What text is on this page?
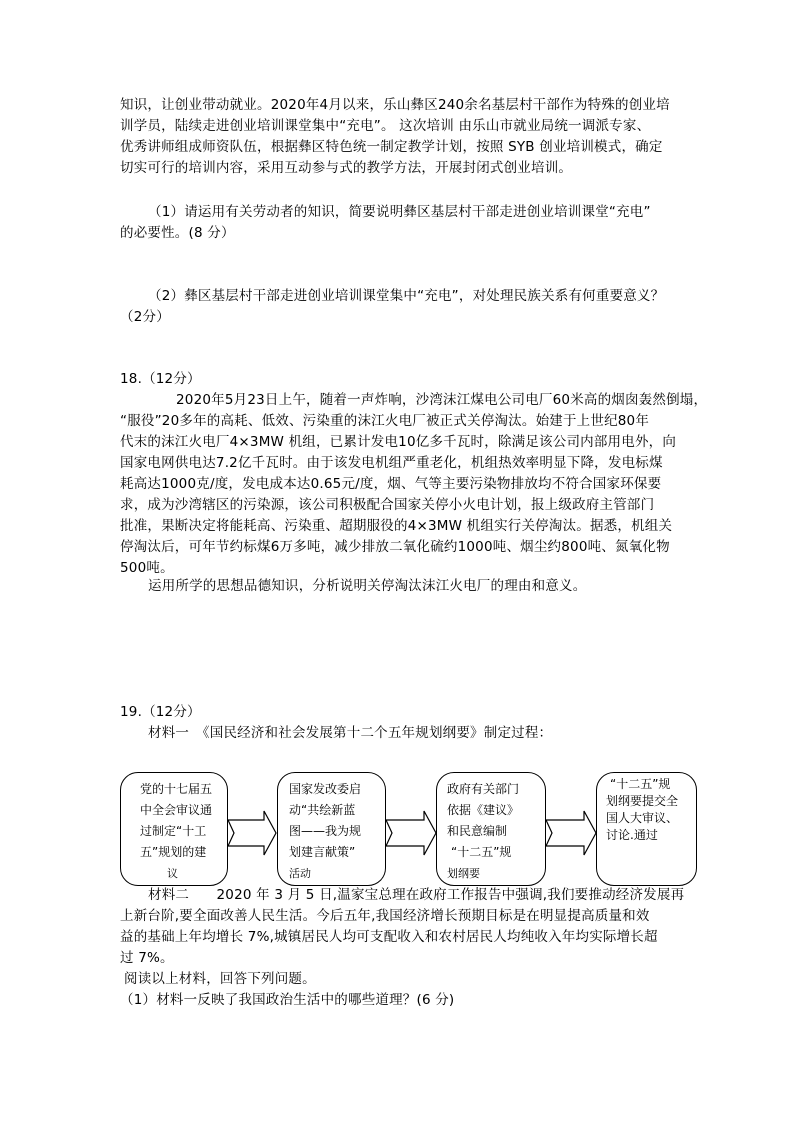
知识，让创业带动就业。2020年4月以来，乐山彝区240余名基层村干部作为特殊的创业培
训学员，陆续走进创业培训课堂集中“充电”。 这次培训 由乐山市就业局统一调派专家、
优秀讲师组成师资队伍，根据彝区特色统一制定教学计划，按照 SYB 创业培训模式，确定
切实可行的培训内容，采用互动参与式的教学方法，开展封闭式创业培训。
（1）请运用有关劳动者的知识，简要说明彝区基层村干部走进创业培训课堂“充电”
的必要性。(8 分）
（2）彝区基层村干部走进创业培训课堂集中“充电”，对处理民族关系有何重要意义？
（2分）
18.（12分）
2020年5月23日上午，随着一声炸响，沙湾沫江煤电公司电厂60米高的烟囱轰然倒塌，
“服役”20多年的高耗、低效、污染重的沫江火电厂被正式关停淘汰。始建于上世纪80年
代末的沫江火电厂4×3MW 机组，已累计发电10亿多千瓦时，除满足该公司内部用电外，向
国家电网供电达7.2亿千瓦时。由于该发电机组严重老化，机组热效率明显下降，发电标煤
耗高达1000克/度，发电成本达0.65元/度，烟、气等主要污染物排放均不符合国家环保要
求，成为沙湾辖区的污染源，该公司积极配合国家关停小火电计划，报上级政府主管部门
批准，果断决定将能耗高、污染重、超期服役的4×3MW 机组实行关停淘汰。据悉，机组关
停淘汰后，可年节约标煤6万多吨，减少排放二氧化硫约1000吨、烟尘约800吨、氮氧化物
500吨。
运用所学的思想品德知识，分析说明关停淘汰沫江火电厂的理由和意义。
19.（12分）
材料一　《国民经济和社会发展第十二个五年规划纲要》制定过程：
党的十七届五
中全会审议通
过制定“十工
五”规划的建
议
国家发改委启
动“共绘新蓝
图——我为规
划建言献策”
活动
政府有关部门
依据《建议》
和民意编制
“十二五”规
划纲要
“十二五”规
划纲要提交全
国人大审议、
讨论.通过
材料二　　2020 年 3 月 5 日,温家宝总理在政府工作报告中强调,我们要推动经济发展再
上新台阶,要全面改善人民生活。今后五年,我国经济增长预期目标是在明显提高质量和效
益的基础上年均增长 7%,城镇居民人均可支配收入和农村居民人均纯收入年均实际增长超
过 7%。
阅读以上材料，回答下列问题。
（1）材料一反映了我国政治生活中的哪些道理？(6 分)
